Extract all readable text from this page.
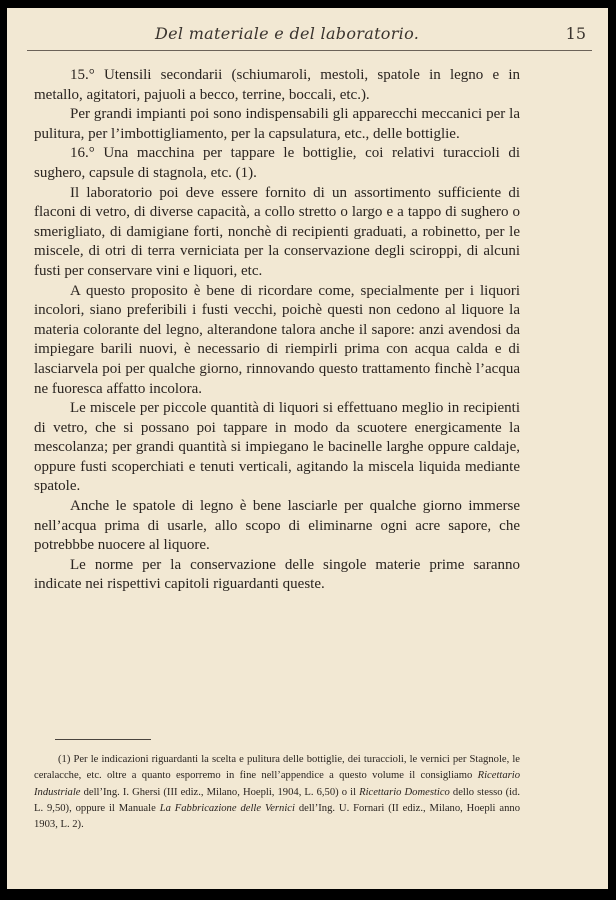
Del materiale e del laboratorio.	15

15.° Utensili secondarii (schiumaroli, mestoli, spatole in legno e in metallo, agitatori, pajuoli a becco, terrine, boccali, etc.).

Per grandi impianti poi sono indispensabili gli apparecchi meccanici per la pulitura, per l’imbottigliamento, per la capsulatura, etc., delle bottiglie.

16.° Una macchina per tappare le bottiglie, coi relativi turaccioli di sughero, capsule di stagnola, etc. (1).

Il laboratorio poi deve essere fornito di un assortimento sufficiente di flaconi di vetro, di diverse capacità, a collo stretto o largo e a tappo di sughero o smerigliato, di damigiane forti, nonchè di recipienti graduati, a robinetto, per le miscele, di otri di terra verniciata per la conservazione degli sciroppi, di alcuni fusti per conservare vini e liquori, etc.

A questo proposito è bene di ricordare come, specialmente per i liquori incolori, siano preferibili i fusti vecchi, poichè questi non cedono al liquore la materia colorante del legno, alterandone talora anche il sapore: anzi avendosi da impiegare barili nuovi, è necessario di riempirli prima con acqua calda e di lasciarvela poi per qualche giorno, rinnovando questo trattamento finchè l’acqua ne fuoresca affatto incolora.

Le miscele per piccole quantità di liquori si effettuano meglio in recipienti di vetro, che si possano poi tappare in modo da scuotere energicamente la mescolanza; per grandi quantità si impiegano le bacinelle larghe oppure caldaje, oppure fusti scoperchiati e tenuti verticali, agitando la miscela liquida mediante spatole.

Anche le spatole di legno è bene lasciarle per qualche giorno immerse nell’acqua prima di usarle, allo scopo di eliminarne ogni acre sapore, che potrebbbe nuocere al liquore.

Le norme per la conservazione delle singole materie prime saranno indicate nei rispettivi capitoli riguardanti queste.

(1) Per le indicazioni riguardanti la scelta e pulitura delle bottiglie, dei turaccioli, le vernici per Stagnole, le ceralacche, etc. oltre a quanto esporremo in fine nell’appendice a questo volume il consigliamo Ricettario Industriale dell’Ing. I. Ghersi (III ediz., Milano, Hoepli, 1904, L. 6,50) o il Ricettario Domestico dello stesso (id. L. 9,50), oppure il Manuale La Fabbricazione delle Vernici dell’Ing. U. Fornari (II ediz., Milano, Hoepli anno 1903, L. 2).
